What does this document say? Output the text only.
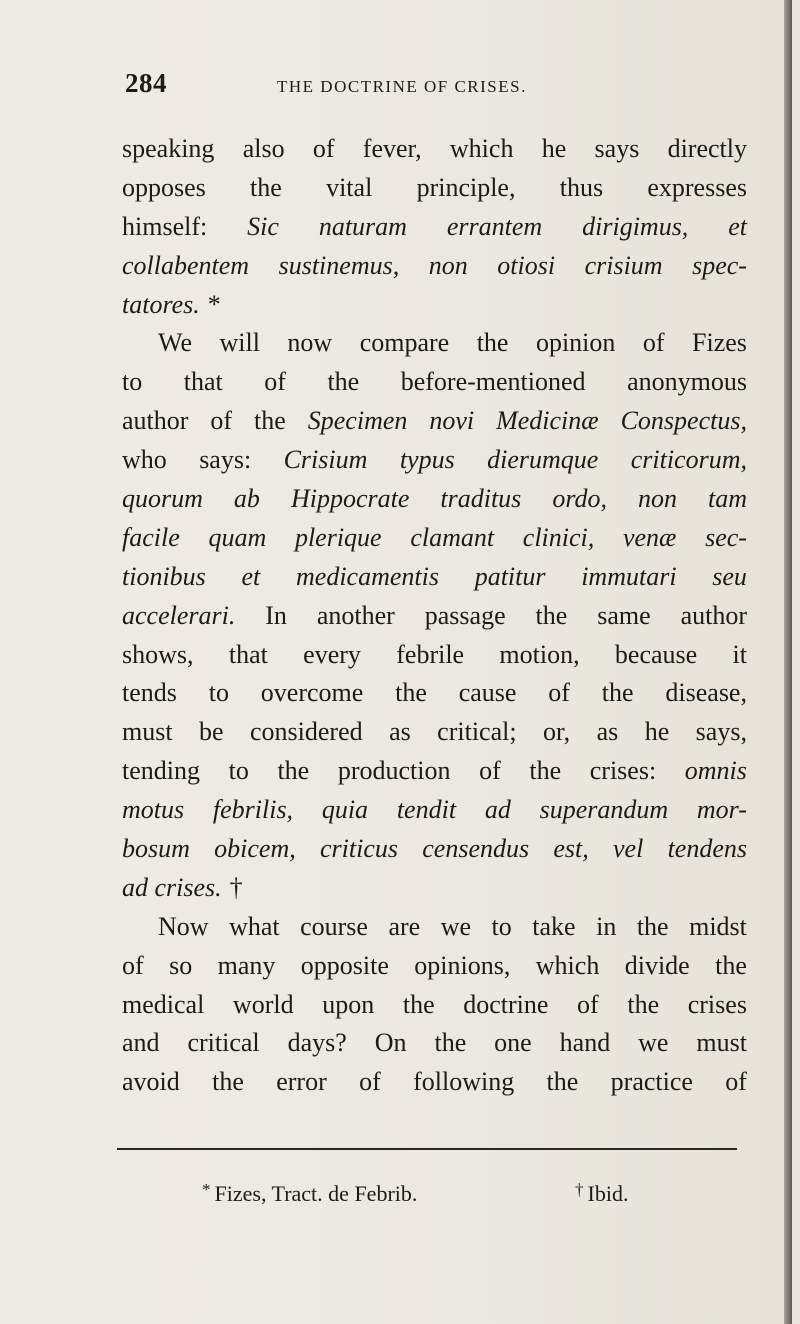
284	THE DOCTRINE OF CRISES.
speaking also of fever, which he says directly
opposes the vital principle, thus expresses
himself: Sic naturam errantem dirigimus, et
collabentem sustinemus, non otiosi crisium spec-
tatores. *
We will now compare the opinion of Fizes
to that of the before-mentioned anonymous
author of the Specimen novi Medicinæ Conspectus,
who says: Crisium typus dierumque criticorum,
quorum ab Hippocrate traditus ordo, non tam
facile quam plerique clamant clinici, venæ sec-
tionibus et medicamentis patitur immutari seu
accelerari. In another passage the same author
shows, that every febrile motion, because it
tends to overcome the cause of the disease,
must be considered as critical; or, as he says,
tending to the production of the crises: omnis
motus febrilis, quia tendit ad superandum mor-
bosum obicem, criticus censendus est, vel tendens
ad crises. †
Now what course are we to take in the midst
of so many opposite opinions, which divide the
medical world upon the doctrine of the crises
and critical days? On the one hand we must
avoid the error of following the practice of
* Fizes, Tract. de Febrib.	† Ibid.
